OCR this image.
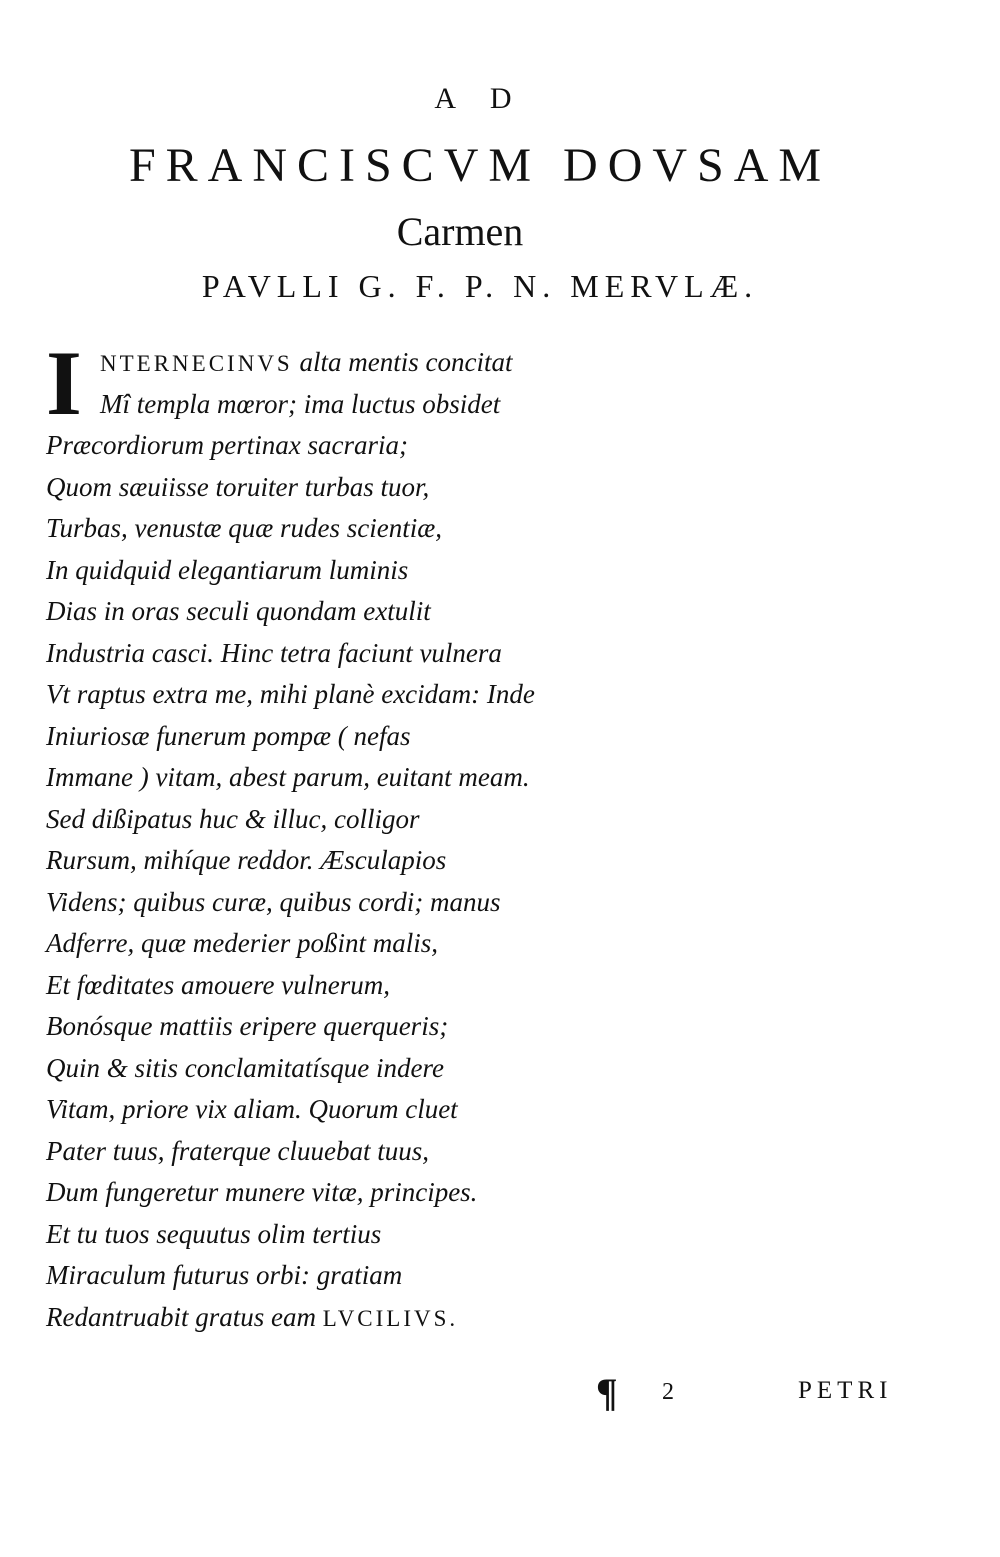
A D
FRANCISCVM DOVSAM
Carmen
PAVLLI G. F. P. N. MERVLÆ.
I NTERNECINVS alta mentis concitat
Mî templa mœror; ima luctus obsidet
Præcordiorum pertinax sacraria;
Quom sæuiisse toruiter turbas tuor,
Turbas, venustæ quæ rudes scientiæ,
In quidquid elegantiarum luminis
Dias in oras seculi quondam extulit
Industria casci. Hinc tetra faciunt vulnera
Vt raptus extra me, mihi planè excidam: Inde
Iniuriosæ funerum pompæ ( nefas
Immane ) vitam, abest parum, euitant meam.
Sed dißipatus huc & illuc, colligor
Rursum, mihíque reddor. Æsculapios
Videns; quibus curæ, quibus cordi; manus
Adferre, quæ mederier poßint malis,
Et fœditates amouere vulnerum,
Bonósque mattiis eripere querqueris;
Quin & sitis conclamitatísque indere
Vitam, priore vix aliam. Quorum cluet
Pater tuus, fraterque cluuebat tuus,
Dum fungeretur munere vitæ, principes.
Et tu tuos sequutus olim tertius
Miraculum futurus orbi: gratiam
Redantruabit gratus eam LVCILIVS.
¶ 2	PETRI
